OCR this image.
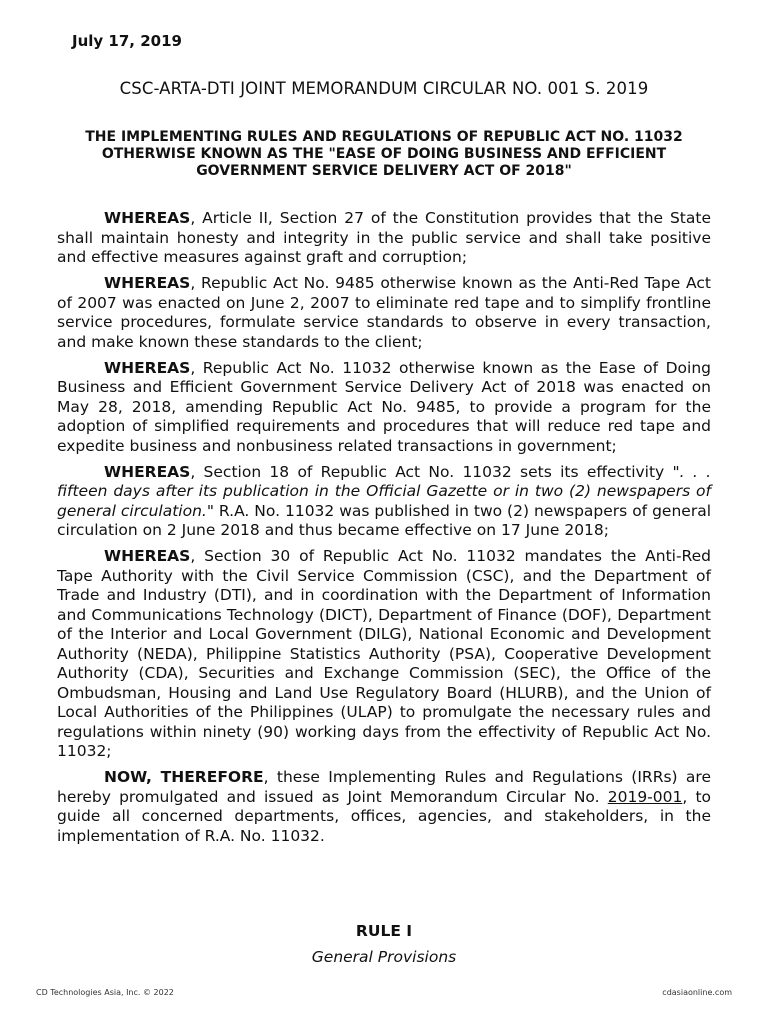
July 17, 2019
CSC-ARTA-DTI JOINT MEMORANDUM CIRCULAR NO. 001 S. 2019
THE IMPLEMENTING RULES AND REGULATIONS OF REPUBLIC ACT NO. 11032 OTHERWISE KNOWN AS THE "EASE OF DOING BUSINESS AND EFFICIENT GOVERNMENT SERVICE DELIVERY ACT OF 2018"

WHEREAS, Article II, Section 27 of the Constitution provides that the State shall maintain honesty and integrity in the public service and shall take positive and effective measures against graft and corruption;

WHEREAS, Republic Act No. 9485 otherwise known as the Anti-Red Tape Act of 2007 was enacted on June 2, 2007 to eliminate red tape and to simplify frontline service procedures, formulate service standards to observe in every transaction, and make known these standards to the client;

WHEREAS, Republic Act No. 11032 otherwise known as the Ease of Doing Business and Efficient Government Service Delivery Act of 2018 was enacted on May 28, 2018, amending Republic Act No. 9485, to provide a program for the adoption of simplified requirements and procedures that will reduce red tape and expedite business and nonbusiness related transactions in government;

WHEREAS, Section 18 of Republic Act No. 11032 sets its effectivity ". . . fifteen days after its publication in the Official Gazette or in two (2) newspapers of general circulation." R.A. No. 11032 was published in two (2) newspapers of general circulation on 2 June 2018 and thus became effective on 17 June 2018;

WHEREAS, Section 30 of Republic Act No. 11032 mandates the Anti-Red Tape Authority with the Civil Service Commission (CSC), and the Department of Trade and Industry (DTI), and in coordination with the Department of Information and Communications Technology (DICT), Department of Finance (DOF), Department of the Interior and Local Government (DILG), National Economic and Development Authority (NEDA), Philippine Statistics Authority (PSA), Cooperative Development Authority (CDA), Securities and Exchange Commission (SEC), the Office of the Ombudsman, Housing and Land Use Regulatory Board (HLURB), and the Union of Local Authorities of the Philippines (ULAP) to promulgate the necessary rules and regulations within ninety (90) working days from the effectivity of Republic Act No. 11032;

NOW, THEREFORE, these Implementing Rules and Regulations (IRRs) are hereby promulgated and issued as Joint Memorandum Circular No. 2019-001, to guide all concerned departments, offices, agencies, and stakeholders, in the implementation of R.A. No. 11032.

RULE I
General Provisions
CD Technologies Asia, Inc. © 2022	cdasiaonline.com
